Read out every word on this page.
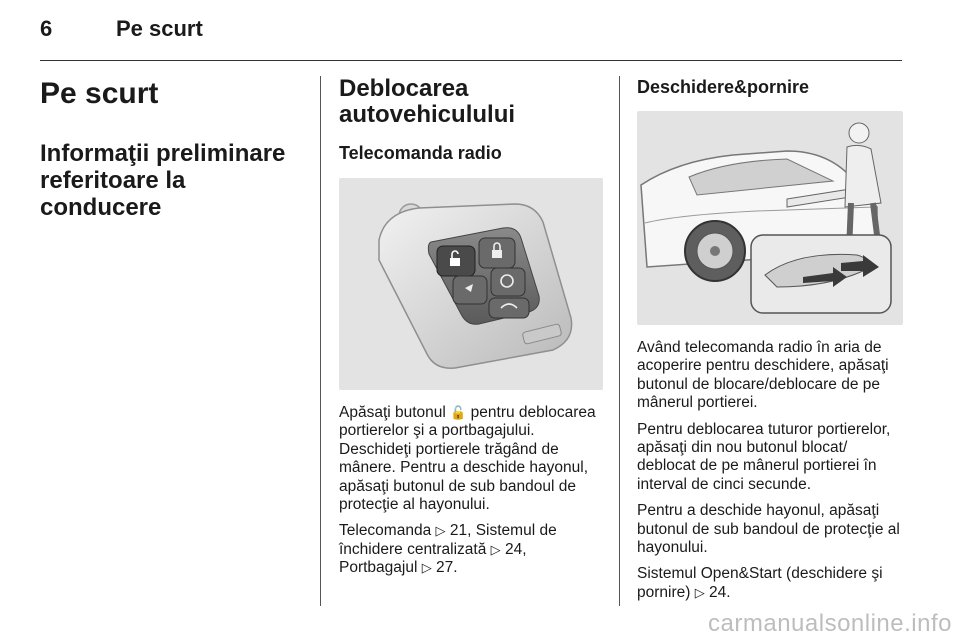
6	Pe scurt
Pe scurt
Informaţii preliminare
referitoare la conducere
Deblocarea
autovehiculului
Telecomanda radio

Apăsaţi butonul 🔓 pentru deblocarea portierelor şi a portbagajului. Deschideţi portierele trăgând de mânere. Pentru a deschide hayonul, apăsaţi butonul de sub bandoul de protecţie al hayonului.

Telecomanda ▷ 21, Sistemul de închidere centralizată ▷ 24, Portbagajul ▷ 27.

Deschidere&pornire

Având telecomanda radio în aria de acoperire pentru deschidere, apăsaţi butonul de blocare/deblocare de pe mânerul portierei.

Pentru deblocarea tuturor portierelor, apăsaţi din nou butonul blocat/ deblocat de pe mânerul portierei în interval de cinci secunde.

Pentru a deschide hayonul, apăsaţi butonul de sub bandoul de protecţie al hayonului.

Sistemul Open&Start (deschidere şi pornire) ▷ 24.

carmanualsonline.info
